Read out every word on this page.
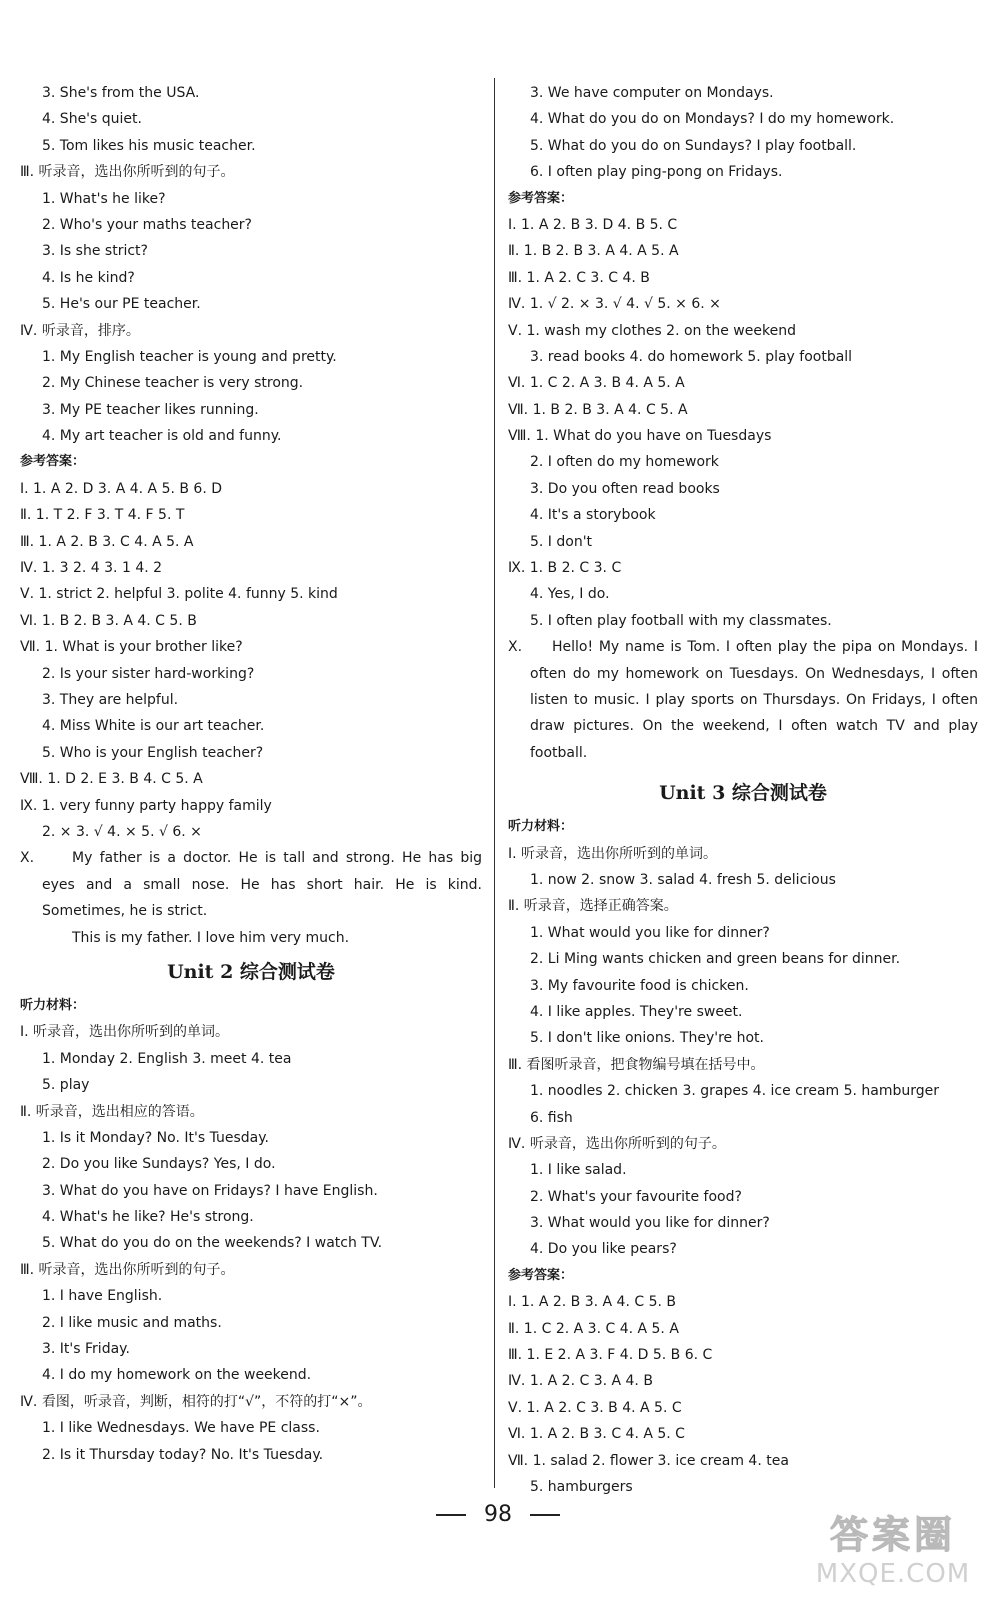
3. She's from the USA.
4. She's quiet.
5. Tom likes his music teacher.
Ⅲ. 听录音，选出你所听到的句子。
1. What's he like?
2. Who's your maths teacher?
3. Is she strict?
4. Is he kind?
5. He's our PE teacher.
Ⅳ. 听录音，排序。
1. My English teacher is young and pretty.
2. My Chinese teacher is very strong.
3. My PE teacher likes running.
4. My art teacher is old and funny.
参考答案：
Ⅰ. 1. A 2. D 3. A 4. A 5. B 6. D
Ⅱ. 1. T 2. F 3. T 4. F 5. T
Ⅲ. 1. A 2. B 3. C 4. A 5. A
Ⅳ. 1. 3 2. 4 3. 1 4. 2
Ⅴ. 1. strict 2. helpful 3. polite 4. funny 5. kind
Ⅵ. 1. B 2. B 3. A 4. C 5. B
Ⅶ. 1. What is your brother like?
2. Is your sister hard-working?
3. They are helpful.
4. Miss White is our art teacher.
5. Who is your English teacher?
Ⅷ. 1. D 2. E 3. B 4. C 5. A
Ⅸ. 1. very funny party happy family
2. × 3. √ 4. × 5. √ 6. ×
Ⅹ.	My father is a doctor. He is tall and strong. He has big eyes and a small nose. He has short hair. He is kind. Sometimes, he is strict.
This is my father. I love him very much.
Unit 2 综合测试卷
听力材料：
Ⅰ. 听录音，选出你所听到的单词。
1. Monday 2. English 3. meet 4. tea
5. play
Ⅱ. 听录音，选出相应的答语。
1. Is it Monday? No. It's Tuesday.
2. Do you like Sundays? Yes, I do.
3. What do you have on Fridays? I have English.
4. What's he like? He's strong.
5. What do you do on the weekends? I watch TV.
Ⅲ. 听录音，选出你所听到的句子。
1. I have English.
2. I like music and maths.
3. It's Friday.
4. I do my homework on the weekend.
Ⅳ. 看图，听录音，判断，相符的打“√”，不符的打“×”。
1. I like Wednesdays. We have PE class.
2. Is it Thursday today? No. It's Tuesday.
3. We have computer on Mondays.
4. What do you do on Mondays? I do my homework.
5. What do you do on Sundays? I play football.
6. I often play ping-pong on Fridays.
参考答案：
Ⅰ. 1. A 2. B 3. D 4. B 5. C
Ⅱ. 1. B 2. B 3. A 4. A 5. A
Ⅲ. 1. A 2. C 3. C 4. B
Ⅳ. 1. √ 2. × 3. √ 4. √ 5. × 6. ×
Ⅴ. 1. wash my clothes 2. on the weekend
3. read books 4. do homework 5. play football
Ⅵ. 1. C 2. A 3. B 4. A 5. A
Ⅶ. 1. B 2. B 3. A 4. C 5. A
Ⅷ. 1. What do you have on Tuesdays
2. I often do my homework
3. Do you often read books
4. It's a storybook
5. I don't
Ⅸ. 1. B 2. C 3. C
4. Yes, I do.
5. I often play football with my classmates.
Ⅹ.	Hello! My name is Tom. I often play the pipa on Mondays. I often do my homework on Tuesdays. On Wednesdays, I often listen to music. I play sports on Thursdays. On Fridays, I often draw pictures. On the weekend, I often watch TV and play football.
Unit 3 综合测试卷
听力材料：
Ⅰ. 听录音，选出你所听到的单词。
1. now 2. snow 3. salad 4. fresh 5. delicious
Ⅱ. 听录音，选择正确答案。
1. What would you like for dinner?
2. Li Ming wants chicken and green beans for dinner.
3. My favourite food is chicken.
4. I like apples. They're sweet.
5. I don't like onions. They're hot.
Ⅲ. 看图听录音，把食物编号填在括号中。
1. noodles 2. chicken 3. grapes 4. ice cream 5. hamburger
6. fish
Ⅳ. 听录音，选出你所听到的句子。
1. I like salad.
2. What's your favourite food?
3. What would you like for dinner?
4. Do you like pears?
参考答案：
Ⅰ. 1. A 2. B 3. A 4. C 5. B
Ⅱ. 1. C 2. A 3. C 4. A 5. A
Ⅲ. 1. E 2. A 3. F 4. D 5. B 6. C
Ⅳ. 1. A 2. C 3. A 4. B
Ⅴ. 1. A 2. C 3. B 4. A 5. C
Ⅵ. 1. A 2. B 3. C 4. A 5. C
Ⅶ. 1. salad 2. flower 3. ice cream 4. tea
5. hamburgers
98	答案圈
MXQE.COM
